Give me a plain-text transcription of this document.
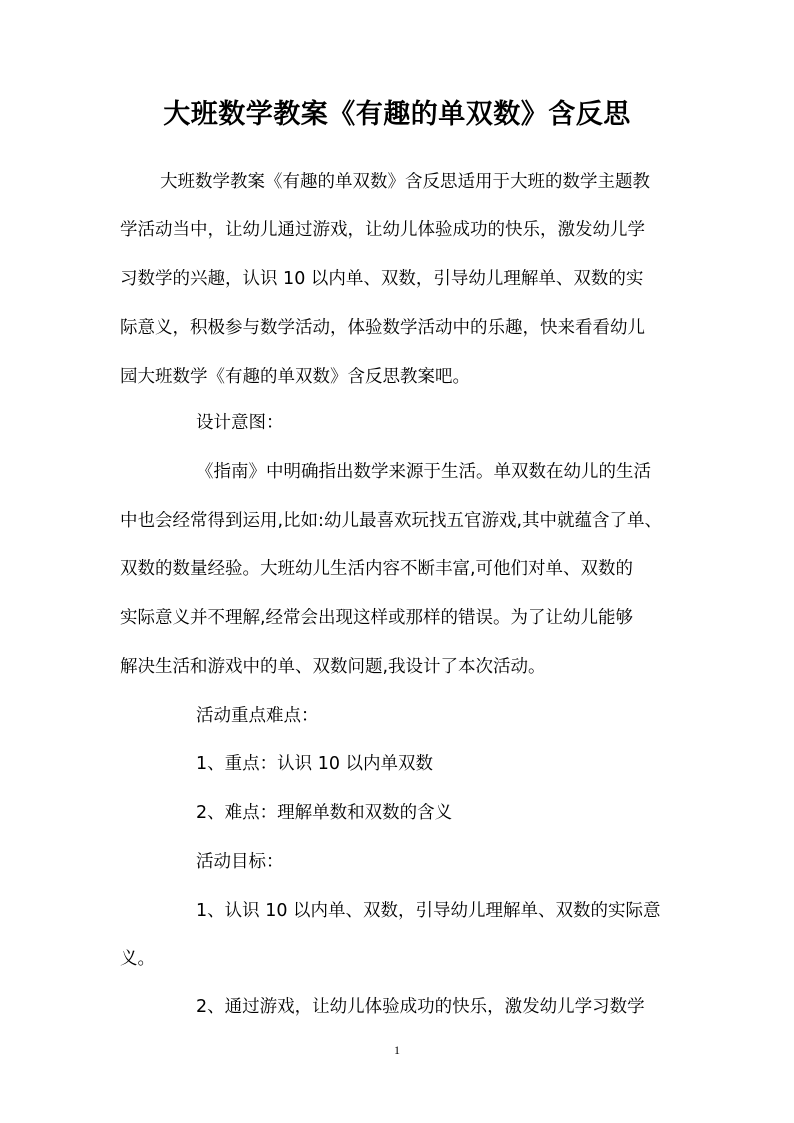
大班数学教案《有趣的单双数》含反思
大班数学教案《有趣的单双数》含反思适用于大班的数学主题教
学活动当中，让幼儿通过游戏，让幼儿体验成功的快乐，激发幼儿学
习数学的兴趣，认识 10 以内单、双数，引导幼儿理解单、双数的实
际意义，积极参与数学活动，体验数学活动中的乐趣，快来看看幼儿
园大班数学《有趣的单双数》含反思教案吧。
设计意图：
《指南》中明确指出数学来源于生活。单双数在幼儿的生活
中也会经常得到运用,比如:幼儿最喜欢玩找五官游戏,其中就蕴含了单、
双数的数量经验。大班幼儿生活内容不断丰富,可他们对单、双数的
实际意义并不理解,经常会出现这样或那样的错误。为了让幼儿能够
解决生活和游戏中的单、双数问题,我设计了本次活动。
活动重点难点：
1、重点：认识 10 以内单双数
2、难点：理解单数和双数的含义
活动目标：
1、认识 10 以内单、双数，引导幼儿理解单、双数的实际意
义。
2、通过游戏，让幼儿体验成功的快乐，激发幼儿学习数学
1
